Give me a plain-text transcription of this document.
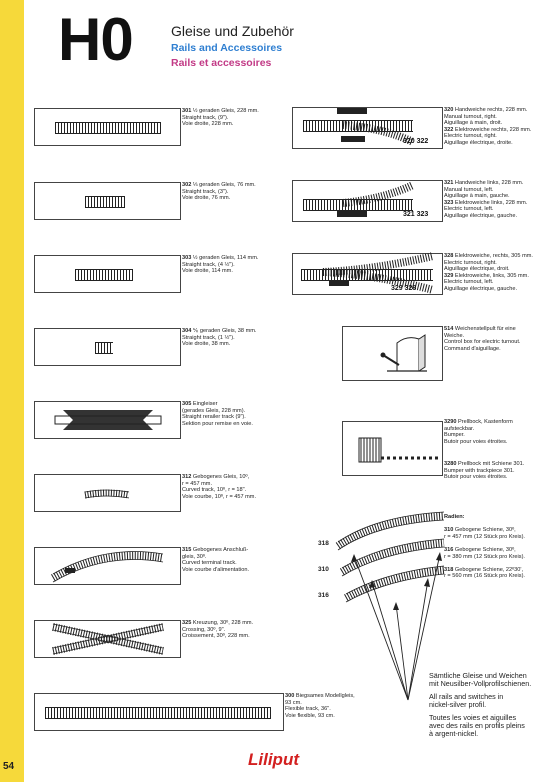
54
H0	Gleise und Zubehör
Rails and Accessoires
Rails et accessoires
301 ½ geraden Gleis, 228 mm.
Straight track, (9").
Voie droite, 228 mm.
302 ⅓ geraden Gleis, 76 mm.
Straight track, (3").
Voie droite, 76 mm.
303 ½ geraden Gleis, 114 mm.
Straight track, (4 ½").
Voie droite, 114 mm.
304 ⅙ geraden Gleis, 38 mm.
Straight track, (1 ½").
Voie droite, 38 mm.
305 Eingleiser
(gerades Gleis, 228 mm).
Straight rerailer track (9").
Sektion pour remise en voie.
312 Gebogenes Gleis, 10º,
r = 457 mm.
Curved track, 10º, r = 18".
Voie courbe, 10º, r = 457 mm.
315 Gebogenes Anschluß-
gleis, 30º.
Curved terminal track.
Voie courbe d'alimentation.
325 Kreuzung, 30º, 228 mm.
Crossing, 30º, 9".
Croissement, 30º, 228 mm.
300 Biegsames Modellgleis,
93 cm.
Flexible track, 36".
Voie flexible, 93 cm.
320 322
320 Handweiche rechts, 228 mm.
Manual turnout, right.
Aiguillage à main, droit.
322 Elektroweiche rechts, 228 mm.
Electric turnout, right.
Aiguillage électrique, droite.
321 323
321 Handweiche links, 228 mm.
Manual turnout, left.
Aiguillage à main, gauche.
323 Elektroweiche links, 228 mm.
Electric turnout, left.
Aiguillage électrique, gauche.
329 328
328 Elektroweiche, rechts, 305 mm.
Electric turnout, right.
Aiguillage électrique, droit.
329 Elektroweiche, links, 305 mm.
Electric turnout, left.
Aiguillage électrique, gauche.
514 Weichenstellpult für eine
Weiche.
Control box for electric turnout.
Command d'aiguillage.
3290 Prellbock, Kastenform
aufsteckbar.
Bumper.
Butoir pour voies étroites.
3280 Prellbock mit Schiene 301.
Bumper with trackpiece 301.
Butoir pour voies étroites.
Radien:

310 Gebogene Schiene, 30º,
r = 457 mm (12 Stück pro Kreis).

316 Gebogene Schiene, 30º,
r = 380 mm (12 Stück pro Kreis).

318 Gebogene Schiene, 22º30',
r = 560 mm (16 Stück pro Kreis).
318
310
316
Sämtliche Gleise und Weichen
mit Neusilber-Vollprofilschienen.

All rails and switches in
nickel-silver profil.

Toutes les voies et aiguilles
avec des rails en profils pleins
à argent-nickel.
Liliput
